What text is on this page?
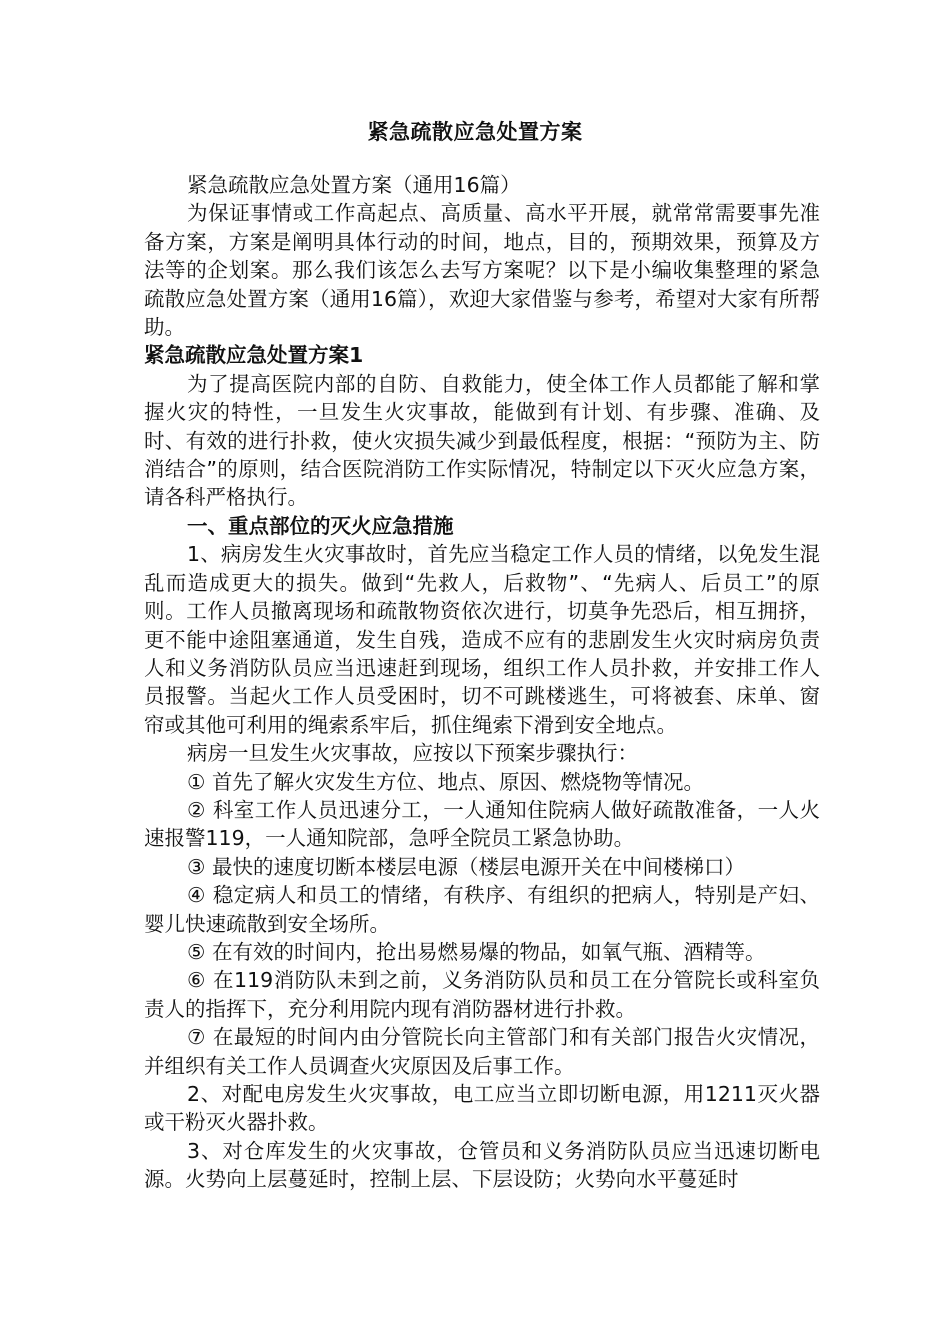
紧急疏散应急处置方案

紧急疏散应急处置方案（通用16篇）

为保证事情或工作高起点、高质量、高水平开展，就常常需要事先准备方案，方案是阐明具体行动的时间，地点，目的，预期效果，预算及方法等的企划案。那么我们该怎么去写方案呢？以下是小编收集整理的紧急疏散应急处置方案（通用16篇），欢迎大家借鉴与参考，希望对大家有所帮助。

紧急疏散应急处置方案1

为了提高医院内部的自防、自救能力，使全体工作人员都能了解和掌握火灾的特性，一旦发生火灾事故，能做到有计划、有步骤、准确、及时、有效的进行扑救，使火灾损失减少到最低程度，根据：“预防为主、防消结合”的原则，结合医院消防工作实际情况，特制定以下灭火应急方案，请各科严格执行。

一、重点部位的灭火应急措施

1、病房发生火灾事故时，首先应当稳定工作人员的情绪，以免发生混乱而造成更大的损失。做到“先救人，后救物”、“先病人、后员工”的原则。工作人员撤离现场和疏散物资依次进行，切莫争先恐后，相互拥挤，更不能中途阻塞通道，发生自残，造成不应有的悲剧发生火灾时病房负责人和义务消防队员应当迅速赶到现场，组织工作人员扑救，并安排工作人员报警。当起火工作人员受困时，切不可跳楼逃生，可将被套、床单、窗帘或其他可利用的绳索系牢后，抓住绳索下滑到安全地点。

病房一旦发生火灾事故，应按以下预案步骤执行：

① 首先了解火灾发生方位、地点、原因、燃烧物等情况。

② 科室工作人员迅速分工，一人通知住院病人做好疏散准备，一人火速报警119，一人通知院部，急呼全院员工紧急协助。

③ 最快的速度切断本楼层电源（楼层电源开关在中间楼梯口）

④ 稳定病人和员工的情绪，有秩序、有组织的把病人，特别是产妇、婴儿快速疏散到安全场所。

⑤ 在有效的时间内，抢出易燃易爆的物品，如氧气瓶、酒精等。

⑥ 在119消防队未到之前，义务消防队员和员工在分管院长或科室负责人的指挥下，充分利用院内现有消防器材进行扑救。

⑦ 在最短的时间内由分管院长向主管部门和有关部门报告火灾情况，并组织有关工作人员调查火灾原因及后事工作。

2、对配电房发生火灾事故，电工应当立即切断电源，用1211灭火器或干粉灭火器扑救。

3、对仓库发生的火灾事故，仓管员和义务消防队员应当迅速切断电源。火势向上层蔓延时，控制上层、下层设防；火势向水平蔓延时
